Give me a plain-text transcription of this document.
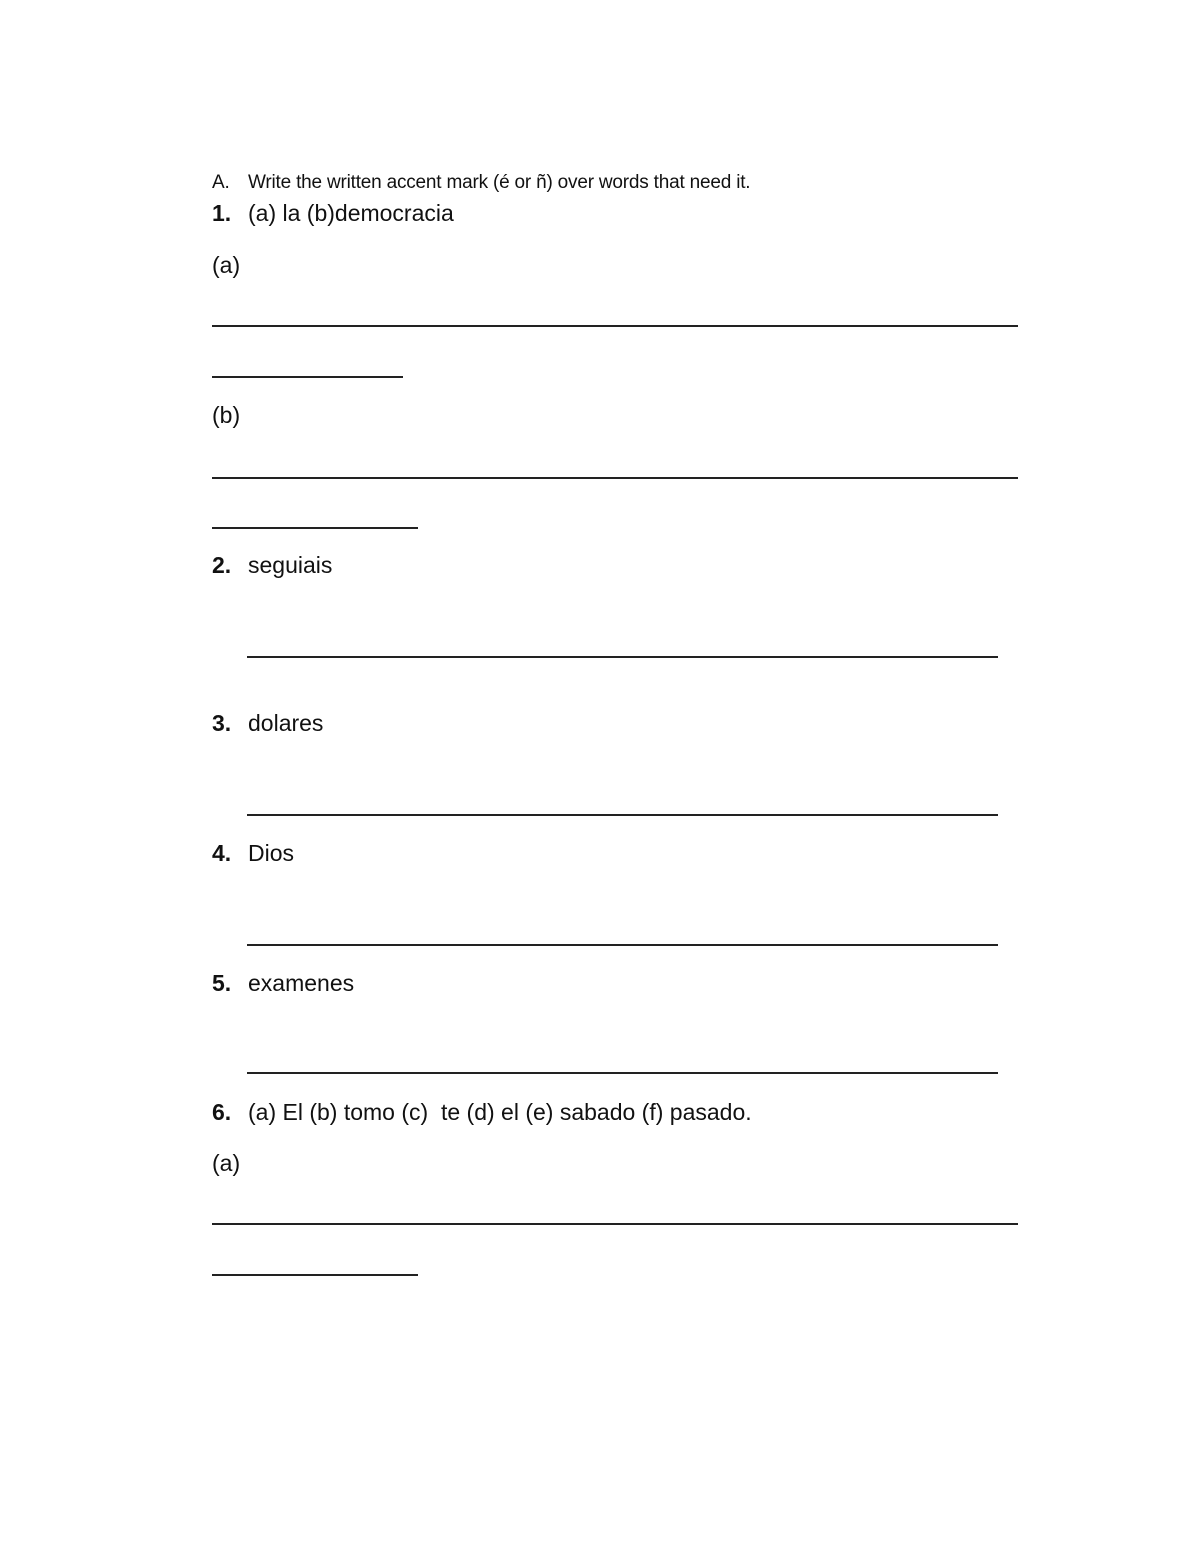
A. Write the written accent mark (é or ñ) over words that need it.
1. (a) la (b)democracia
(a)
(b)
2. seguiais
3. dolares
4. Dios
5. examenes
6. (a) El (b) tomo (c)  te (d) el (e) sabado (f) pasado.
(a)
